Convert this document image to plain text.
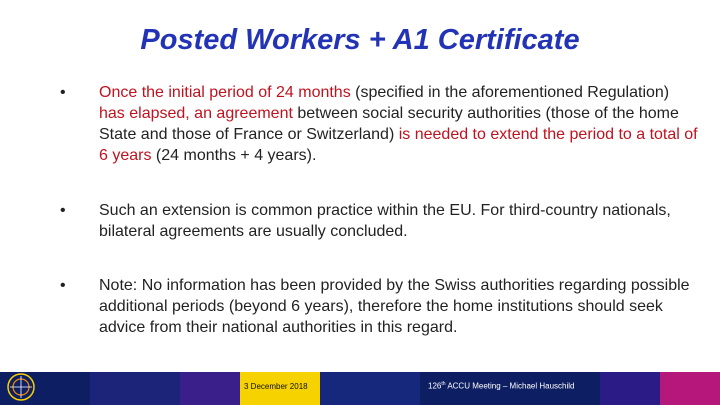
Posted Workers + A1 Certificate
• Once the initial period of 24 months (specified in the aforementioned Regulation) has elapsed, an agreement between social security authorities (those of the home State and those of France or Switzerland) is needed to extend the period to a total of 6 years (24 months + 4 years).

• Such an extension is common practice within the EU. For third-country nationals, bilateral agreements are usually concluded.

• Note: No information has been provided by the Swiss authorities regarding possible additional periods (beyond 6 years), therefore the home institutions should seek advice from their national authorities in this regard.

3 December 2018	126th ACCU Meeting – Michael Hauschild
